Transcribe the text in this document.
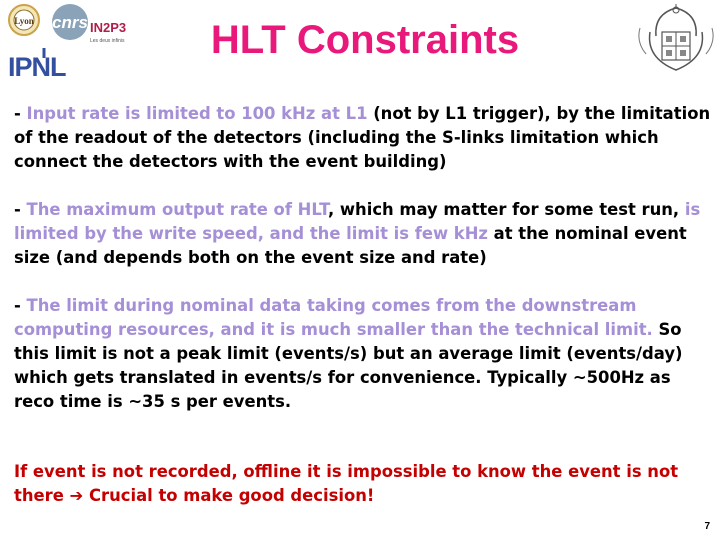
Lyon cnrs IN2P3
Les deux infinis
IPNL
HLT Constraints

- Input rate is limited to 100 kHz at L1 (not by L1 trigger), by the limitation of the readout of the detectors (including the S-links limitation which connect the detectors with the event building)

- The maximum output rate of HLT, which may matter for some test run, is limited by the write speed, and the limit is few kHz at the nominal event size (and depends both on the event size and rate)

- The limit during nominal data taking comes from the downstream computing resources, and it is much smaller than the technical limit. So this limit is not a peak limit (events/s) but an average limit (events/day) which gets translated in events/s for convenience. Typically ~500Hz as reco time is ~35 s per events.

If event is not recorded, offline it is impossible to know the event is not there ➔ Crucial to make good decision!

7
